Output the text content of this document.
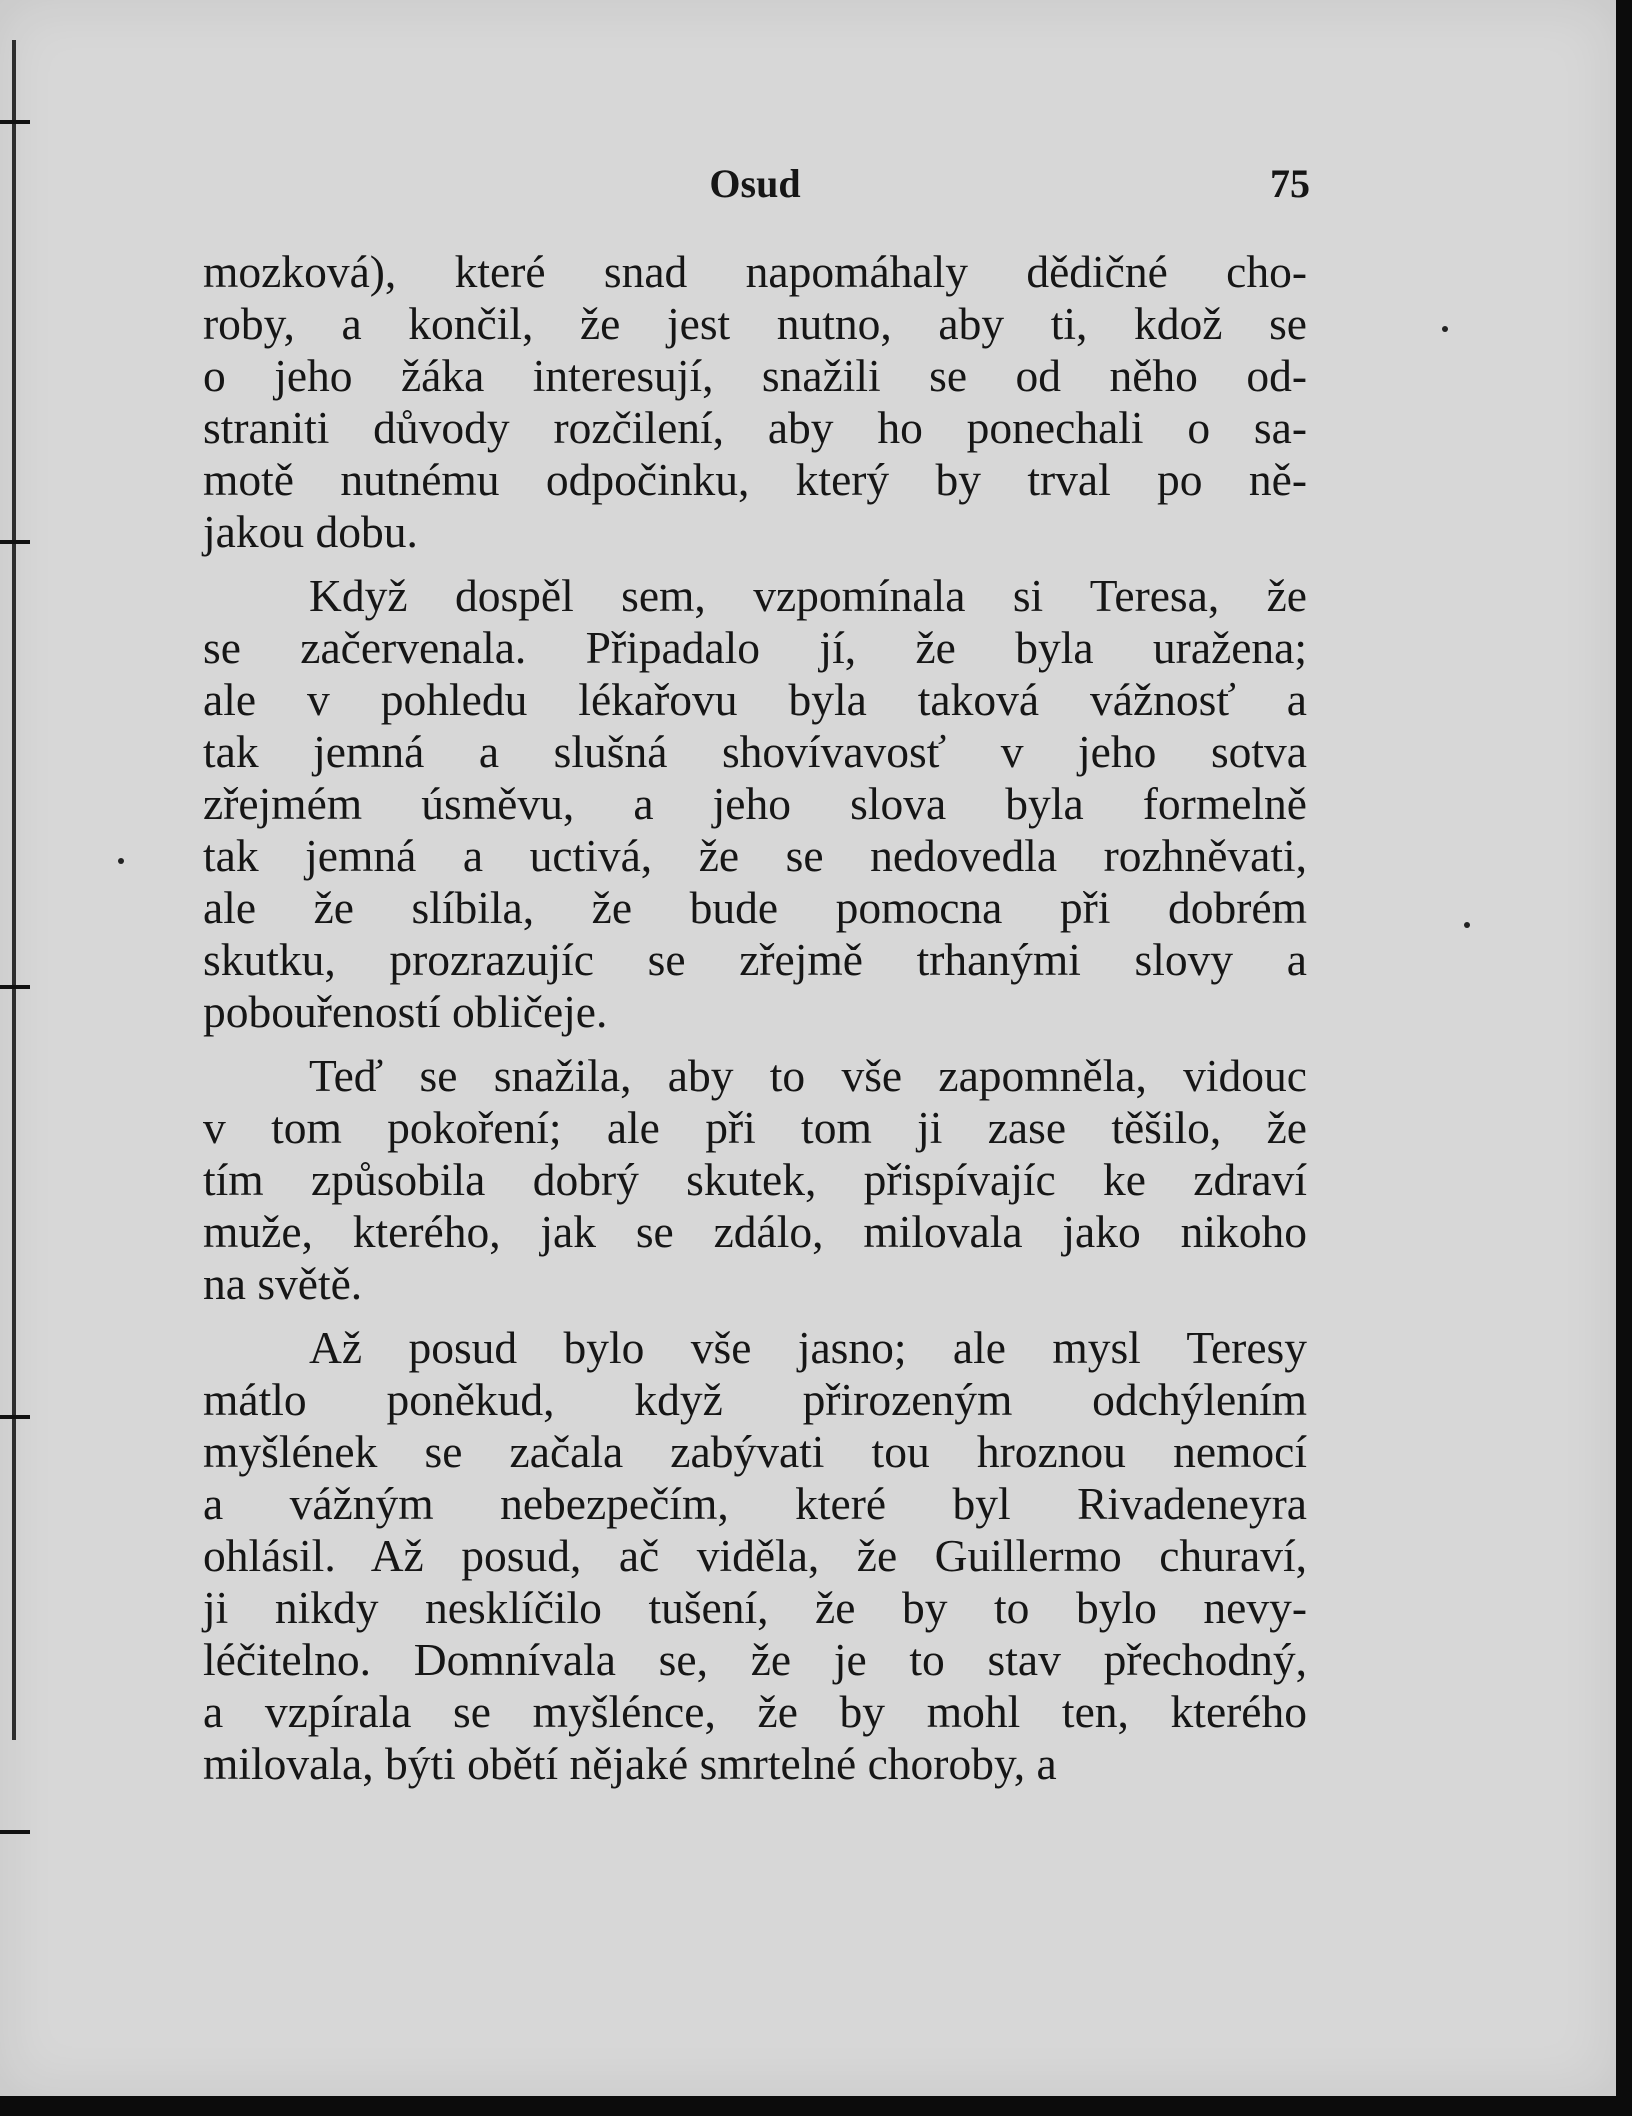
Osud	75
mozková), které snad napomáhaly dědičné cho-
roby, a končil, že jest nutno, aby ti, kdož se
o jeho žáka interesují, snažili se od něho od-
straniti důvody rozčilení, aby ho ponechali o sa-
motě nutnému odpočinku, který by trval po ně-
jakou dobu.
Když dospěl sem, vzpomínala si Teresa, že
se začervenala. Připadalo jí, že byla uražena;
ale v pohledu lékařovu byla taková vážnosť a
tak jemná a slušná shovívavosť v jeho sotva
zřejmém úsměvu, a jeho slova byla formelně
tak jemná a uctivá, že se nedovedla rozhněvati,
ale že slíbila, že bude pomocna při dobrém
skutku, prozrazujíc se zřejmě trhanými slovy a
pobouřeností obličeje.
Teď se snažila, aby to vše zapomněla, vidouc
v tom pokoření; ale při tom ji zase těšilo, že
tím způsobila dobrý skutek, přispívajíc ke zdraví
muže, kterého, jak se zdálo, milovala jako nikoho
na světě.
Až posud bylo vše jasno; ale mysl Teresy
mátlo poněkud, když přirozeným odchýlením
myšlének se začala zabývati tou hroznou nemocí
a vážným nebezpečím, které byl Rivadeneyra
ohlásil. Až posud, ač viděla, že Guillermo churaví,
ji nikdy nesklíčilo tušení, že by to bylo nevy-
léčitelno. Domnívala se, že je to stav přechodný,
a vzpírala se myšlénce, že by mohl ten, kterého
milovala, býti obětí nějaké smrtelné choroby, a
